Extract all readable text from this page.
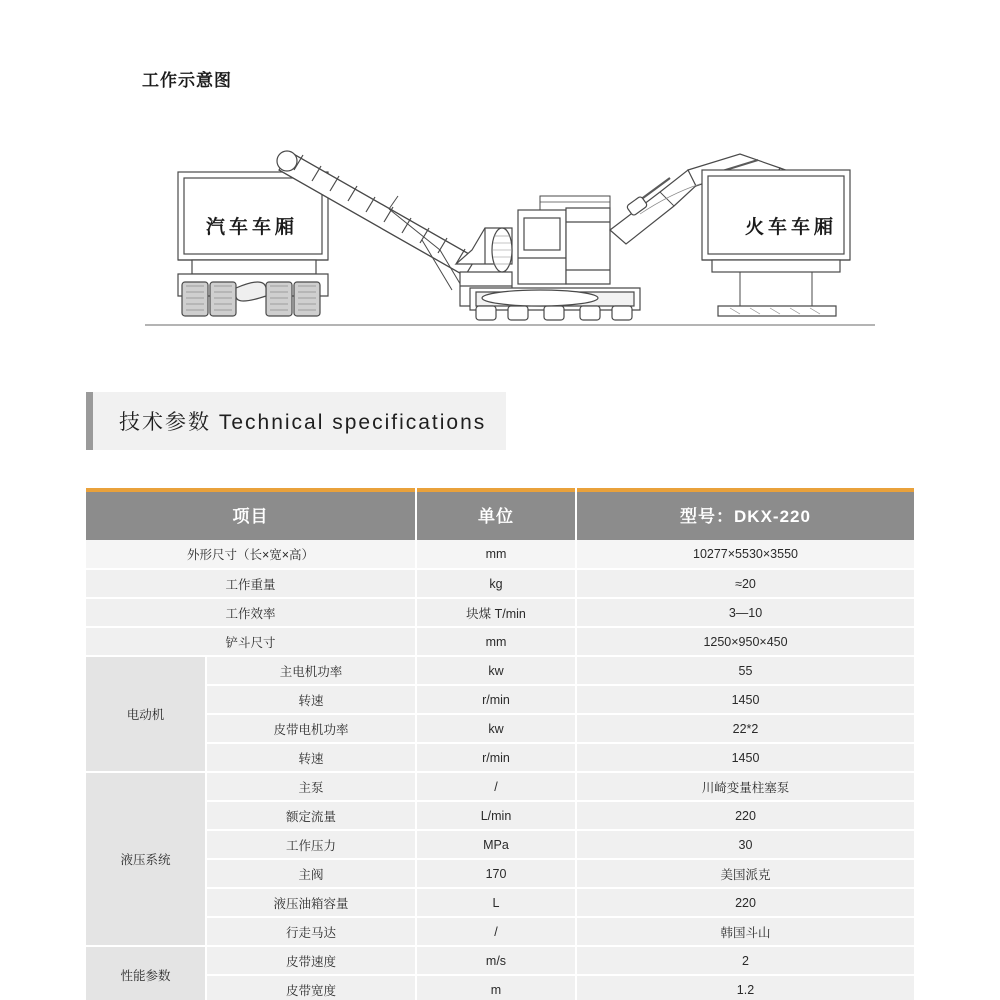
工作示意图
汽车车厢	火车车厢
技术参数 Technical specifications
项目		单位	型号：DKX-220
外形尺寸（长×宽×高）		mm	10277×5530×3550
工作重量		kg	≈20
工作效率		块煤 T/min	3—10
铲斗尺寸		mm	1250×950×450
电动机	主电机功率	kw	55
	转速	r/min	1450
	皮带电机功率	kw	22*2
	转速	r/min	1450
液压系统	主泵	/	川崎变量柱塞泵
	额定流量	L/min	220
	工作压力	MPa	30
	主阀	170	美国派克
	液压油箱容量	L	220
	行走马达	/	韩国斗山
性能参数	皮带速度	m/s	2
	皮带宽度	m	1.2
